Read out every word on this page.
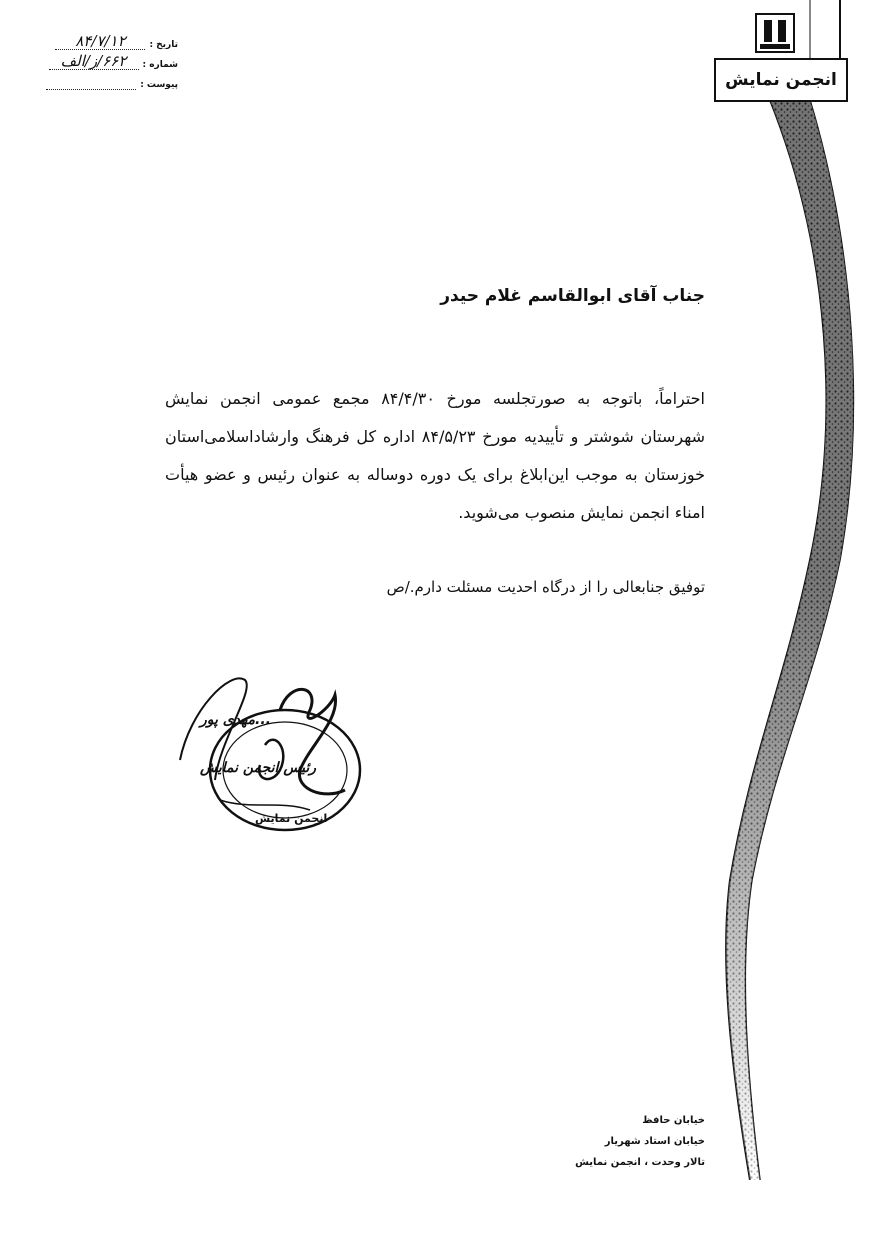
تاریخ :
۸۴/۷/۱۲
شماره :
۶۶۲/ز/الف
پیوست :	انجمن نمایش
جناب آقای ابوالقاسم غلام حیدر
احتراماً، باتوجه به صورتجلسه مورخ ۸۴/۴/۳۰ مجمع عمومی انجمن نمایش شهرستان شوشتر و تأییدیه مورخ ۸۴/۵/۲۳ اداره کل فرهنگ وارشاداسلامی‌استان خوزستان به موجب این‌ابلاغ برای یک دوره دوساله به عنوان رئیس و عضو هیأت امناء انجمن نمایش منصوب می‌شوید.
توفیق جنابعالی را از درگاه احدیت مسئلت دارم./ص
...مهدی پور
رئیس انجمن نمایش
انجمن نمایش
خیابان حافظ
خیابان استاد شهریار
تالار وحدت ، انجمن نمایش
